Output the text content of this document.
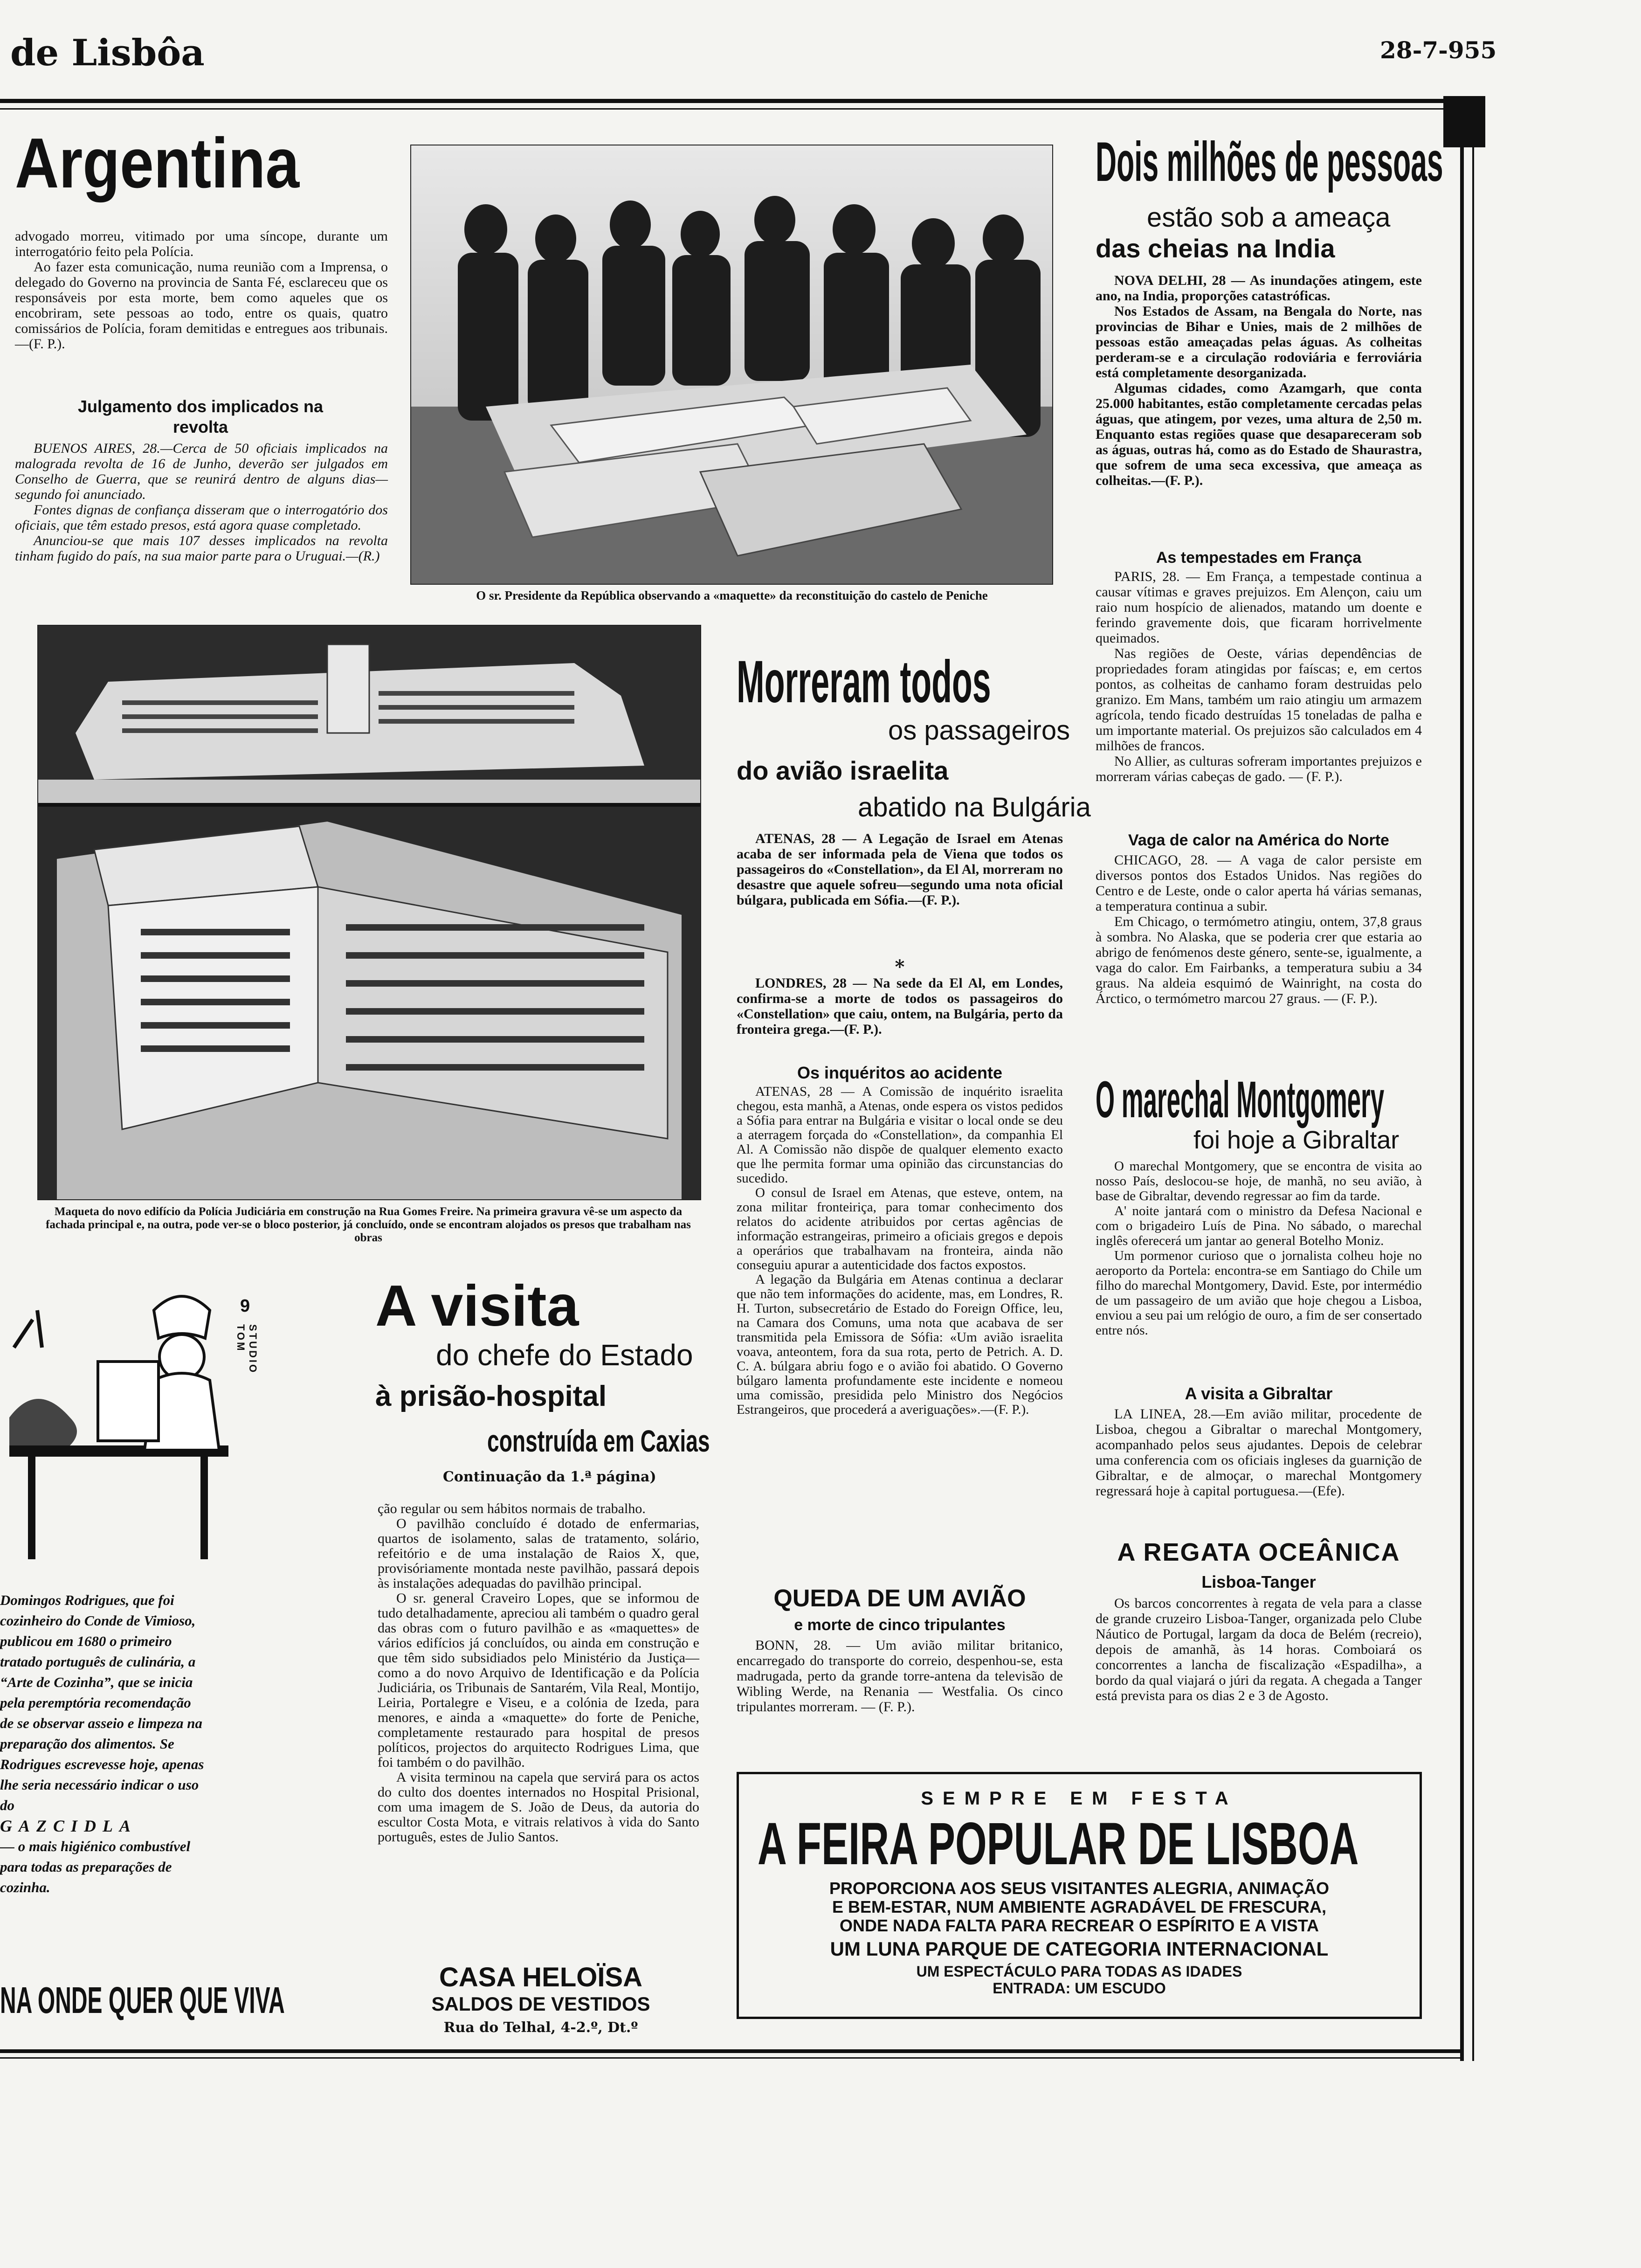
de Lisbôa	28-7-955
Argentina

advogado morreu, vitimado por uma síncope, durante um interrogatório feito pela Polícia.

Ao fazer esta comunicação, numa reunião com a Imprensa, o delegado do Governo na provincia de Santa Fé, esclareceu que os responsáveis por esta morte, bem como aqueles que os encobriram, sete pessoas ao todo, entre os quais, quatro comissários de Polícia, foram demitidas e entregues aos tribunais.—(F. P.).

Julgamento dos implicados na revolta

BUENOS AIRES, 28.—Cerca de 50 oficiais implicados na malograda revolta de 16 de Junho, deverão ser julgados em Conselho de Guerra, que se reunirá dentro de alguns dias—segundo foi anunciado.

Fontes dignas de confiança disseram que o interrogatório dos oficiais, que têm estado presos, está agora quase completado.

Anunciou-se que mais 107 desses implicados na revolta tinham fugido do país, na sua maior parte para o Uruguai.—(R.)

O sr. Presidente da República observando a «maquette» da reconstituição do castelo de Peniche
Dois milhões de pessoas
estão sob a ameaça
das cheias na India

NOVA DELHI, 28 — As inundações atingem, este ano, na India, proporções catastróficas.

Nos Estados de Assam, na Bengala do Norte, nas provincias de Bihar e Unies, mais de 2 milhões de pessoas estão ameaçadas pelas águas. As colheitas perderam-se e a circulação rodoviária e ferroviária está completamente desorganizada.

Algumas cidades, como Azamgarh, que conta 25.000 habitantes, estão completamente cercadas pelas águas, que atingem, por vezes, uma altura de 2,50 m. Enquanto estas regiões quase que desapareceram sob as águas, outras há, como as do Estado de Shaurastra, que sofrem de uma seca excessiva, que ameaça as colheitas.—(F. P.).

As tempestades em França

PARIS, 28. — Em França, a tempestade continua a causar vítimas e graves prejuizos. Em Alençon, caiu um raio num hospício de alienados, matando um doente e ferindo gravemente dois, que ficaram horrivelmente queimados.

Nas regiões de Oeste, várias dependências de propriedades foram atingidas por faíscas; e, em certos pontos, as colheitas de canhamo foram destruidas pelo granizo. Em Mans, também um raio atingiu um armazem agrícola, tendo ficado destruídas 15 toneladas de palha e um importante material. Os prejuizos são calculados em 4 milhões de francos.

No Allier, as culturas sofreram importantes prejuizos e morreram várias cabeças de gado. — (F. P.).

Vaga de calor na América do Norte

CHICAGO, 28. — A vaga de calor persiste em diversos pontos dos Estados Unidos. Nas regiões do Centro e de Leste, onde o calor aperta há várias semanas, a temperatura continua a subir.

Em Chicago, o termómetro atingiu, ontem, 37,8 graus à sombra. No Alaska, que se poderia crer que estaria ao abrigo de fenómenos deste género, sente-se, igualmente, a vaga do calor. Em Fairbanks, a temperatura subiu a 34 graus. Na aldeia esquimó de Wainright, na costa do Árctico, o termómetro marcou 27 graus. — (F. P.).

O marechal Montgomery
foi hoje a Gibraltar

O marechal Montgomery, que se encontra de visita ao nosso País, deslocou-se hoje, de manhã, no seu avião, à base de Gibraltar, devendo regressar ao fim da tarde.

A' noite jantará com o ministro da Defesa Nacional e com o brigadeiro Luís de Pina. No sábado, o marechal inglês oferecerá um jantar ao general Botelho Moniz.

Um pormenor curioso que o jornalista colheu hoje no aeroporto da Portela: encontra-se em Santiago do Chile um filho do marechal Montgomery, David. Este, por intermédio de um passageiro de um avião que hoje chegou a Lisboa, enviou a seu pai um relógio de ouro, a fim de ser consertado entre nós.

A visita a Gibraltar

LA LINEA, 28.—Em avião militar, procedente de Lisboa, chegou a Gibraltar o marechal Montgomery, acompanhado pelos seus ajudantes. Depois de celebrar uma conferencia com os oficiais ingleses da guarnição de Gibraltar, e de almoçar, o marechal Montgomery regressará hoje à capital portuguesa.—(Efe).

A REGATA OCEÂNICA
Lisboa-Tanger

Os barcos concorrentes à regata de vela para a classe de grande cruzeiro Lisboa-Tanger, organizada pelo Clube Náutico de Portugal, largam da doca de Belém (recreio), depois de amanhã, às 14 horas. Comboiará os concorrentes a lancha de fiscalização «Espadilha», a bordo da qual viajará o júri da regata. A chegada a Tanger está prevista para os dias 2 e 3 de Agosto.

Maqueta do novo edifício da Polícia Judiciária em construção na Rua Gomes Freire. Na primeira gravura vê-se um aspecto da fachada principal e, na outra, pode ver-se o bloco posterior, já concluído, onde se encontram alojados os presos que trabalham nas obras
Morreram todos
os passageiros
do avião israelita
abatido na Bulgária

ATENAS, 28 — A Legação de Israel em Atenas acaba de ser informada pela de Viena que todos os passageiros do «Constellation», da El Al, morreram no desastre que aquele sofreu—segundo uma nota oficial búlgara, publicada em Sófia.—(F. P.).

*

LONDRES, 28 — Na sede da El Al, em Londes, confirma-se a morte de todos os passageiros do «Constellation» que caiu, ontem, na Bulgária, perto da fronteira grega.—(F. P.).

Os inquéritos ao acidente

ATENAS, 28 — A Comissão de inquérito israelita chegou, esta manhã, a Atenas, onde espera os vistos pedidos a Sófia para entrar na Bulgária e visitar o local onde se deu a aterragem forçada do «Constellation», da companhia El Al. A Comissão não dispõe de qualquer elemento exacto que lhe permita formar uma opinião das circunstancias do sucedido.

O consul de Israel em Atenas, que esteve, ontem, na zona militar fronteiriça, para tomar conhecimento dos relatos do acidente atribuidos por certas agências de informação estrangeiras, primeiro a oficiais gregos e depois a operários que trabalhavam na fronteira, ainda não conseguiu apurar a autenticidade dos factos expostos.

A legação da Bulgária em Atenas continua a declarar que não tem informações do acidente, mas, em Londres, R. H. Turton, subsecretário de Estado do Foreign Office, leu, na Camara dos Comuns, uma nota que acabava de ser transmitida pela Emissora de Sófia: «Um avião israelita voava, anteontem, fora da sua rota, perto de Petrich. A. D. C. A. búlgara abriu fogo e o avião foi abatido. O Governo búlgaro lamenta profundamente este incidente e nomeou uma comissão, presidida pelo Ministro dos Negócios Estrangeiros, que procederá a averiguações».—(F. P.).

QUEDA DE UM AVIÃO
e morte de cinco tripulantes

BONN, 28. — Um avião militar britanico, encarregado do transporte do correio, despenhou-se, esta madrugada, perto da grande torre-antena da televisão de Wibling Werde, na Renania — Westfalia. Os cinco tripulantes morreram. — (F. P.).

A visita
do chefe do Estado
à prisão-hospital
construída em Caxias
Continuação da 1.ª página)

ção regular ou sem hábitos normais de trabalho.

O pavilhão concluído é dotado de enfermarias, quartos de isolamento, salas de tratamento, solário, refeitório e de uma instalação de Raios X, que, provisóriamente montada neste pavilhão, passará depois às instalações adequadas do pavilhão principal.

O sr. general Craveiro Lopes, que se informou de tudo detalhadamente, apreciou ali também o quadro geral das obras com o futuro pavilhão e as «maquettes» de vários edifícios já concluídos, ou ainda em construção e que têm sido subsidiados pelo Ministério da Justiça—como a do novo Arquivo de Identificação e da Polícia Judiciária, os Tribunais de Santarém, Vila Real, Montijo, Leiria, Portalegre e Viseu, e a colónia de Izeda, para menores, e ainda a «maquette» do forte de Peniche, completamente restaurado para hospital de presos políticos, projectos do arquitecto Rodrigues Lima, que foi também o do pavilhão.

A visita terminou na capela que servirá para os actos do culto dos doentes internados no Hospital Prisional, com uma imagem de S. João de Deus, da autoria do escultor Costa Mota, e vitrais relativos à vida do Santo português, estes de Julio Santos.

9
STUDIO TOM
Domingos Rodrigues, que foi cozinheiro do Conde de Vimioso, publicou em 1680 o primeiro tratado português de culinária, a “Arte de Cozinha”, que se inicia pela peremptória recomendação de se observar asseio e limpeza na preparação dos alimentos. Se Rodrigues escrevesse hoje, apenas lhe seria necessário indicar o uso do
GAZCIDLA
— o mais higiénico combustível para todas as preparações de cozinha.
NA ONDE QUER QUE VIVA
CASA HELOÏSA
SALDOS DE VESTIDOS
Rua do Telhal, 4-2.º, Dt.º
SEMPRE EM FESTA
A FEIRA POPULAR DE LISBOA
PROPORCIONA AOS SEUS VISITANTES ALEGRIA, ANIMAÇÃO
E BEM-ESTAR, NUM AMBIENTE AGRADÁVEL DE FRESCURA,
ONDE NADA FALTA PARA RECREAR O ESPÍRITO E A VISTA
UM LUNA PARQUE DE CATEGORIA INTERNACIONAL
UM ESPECTÁCULO PARA TODAS AS IDADES
ENTRADA: UM ESCUDO
